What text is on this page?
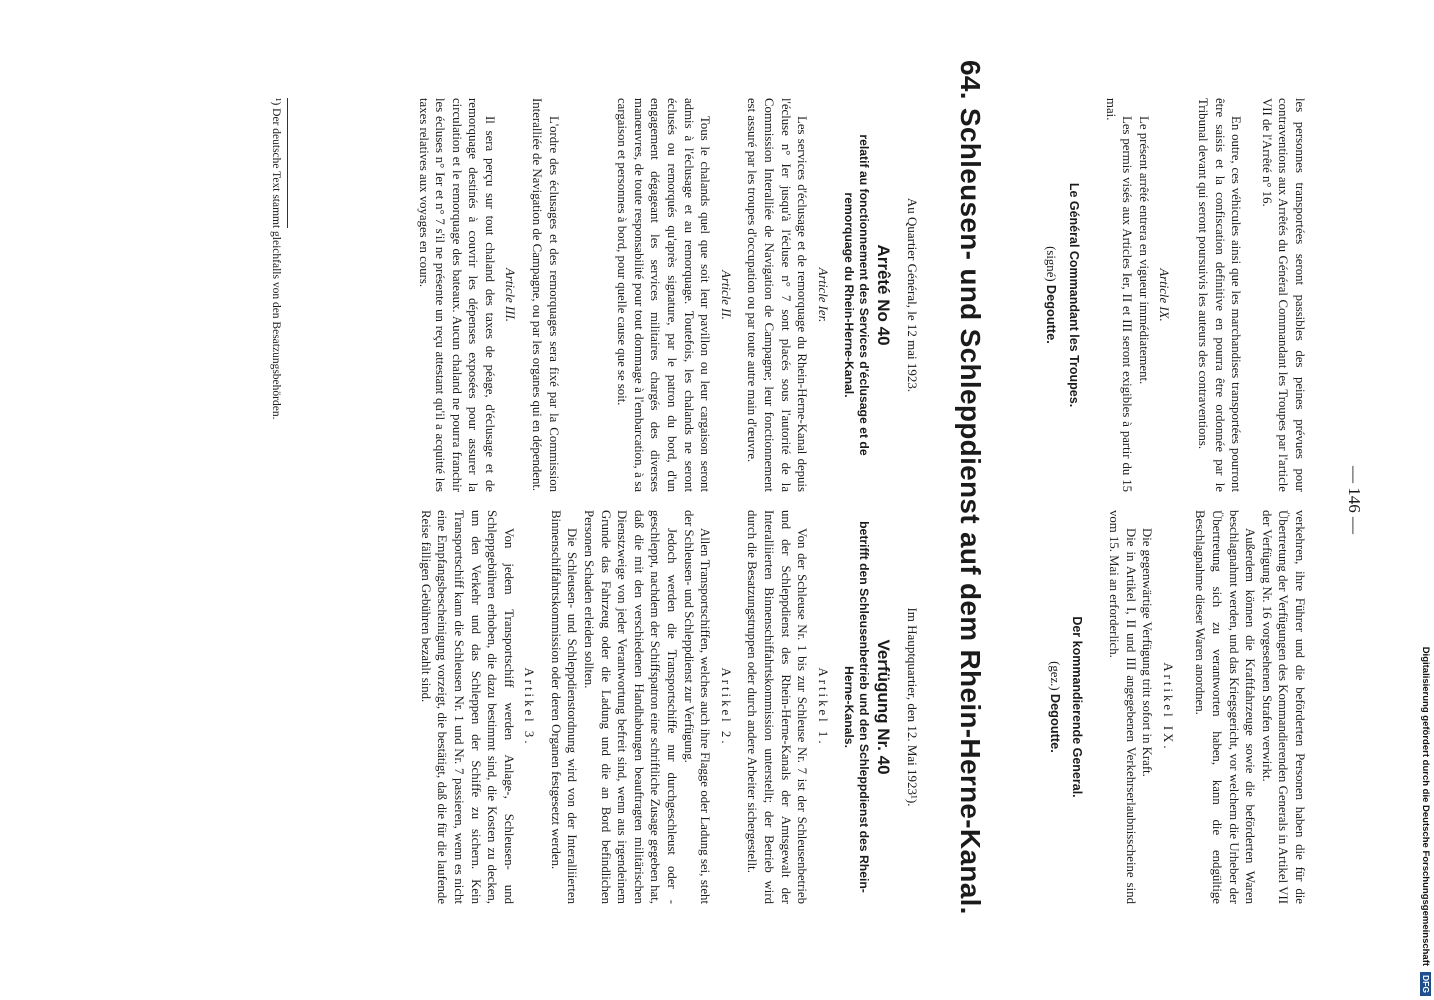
— 146 —

les personnes transportées seront passibles des peines prévues pour contraventions aux Arrêtés du Général Commandant les Troupes par l'article VII de l'Arrêté n° 16.

En outre, ces véhicules ainsi que les marchandises transportées pourront être saisis et la confiscation definitive en pourra être ordonnée par le Tribunal devant qui seront poursuivis les auteurs des contraventions.

Article IX.

Le présent arrêté entrera en vigueur immédiatement.

Les permis visés aux Articles Ier, II et III seront exigibles à partir du 15 mai.

Le Général Commandant les Troupes.
(signé) Degoutte.

verkehren, ihre Führer und die beförderten Personen haben die für die Übertretung der Verfügungen des Kommandierenden Generals in Artikel VII der Verfügung Nr. 16 vorgesehenen Strafen verwirkt.

Außerdem können die Kraftfahrzeuge sowie die beförderten Waren beschlagnahmt werden, und das Kriegsgericht, vor welchem die Urheber der Übertretung sich zu verantworten haben, kann die endgültige Beschlagnahme dieser Waren anordnen.

Artikel IX.

Die gegenwärtige Verfügung tritt sofort in Kraft.

Die in Artikel I, II und III angegebenen Verkehrserlaubnisscheine sind vom 15. Mai an erforderlich.

Der kommandierende General.
(gez.) Degoutte.
64. Schleusen- und Schleppdienst auf dem Rhein-Herne-Kanal.
Au Quartier Général, le 12 mai 1923.
Arrêté No 40
relatif au fonctionnement des Services d'éclusage et de remorquage du Rhein-Herne-Kanal.
Article Ier.

Les services d'éclusage et de remorquage du Rhein-Herne-Kanal depuis l'écluse n° Ier jusqu'à l'écluse n° 7 sont placés sous l'autorité de la Commission Interalliée de Navigation de Campagne; leur fonctionnement est assuré par les troupes d'occupation ou par toute autre main d'œuvre.

Article II.

Tous le chalands quel que soit leur pavillon ou leur cargaison seront admis à l'éclusage et au remorquage. Toutefois, les chalands ne seront éclusés ou remorqués qu'après signature, par le patron du bord, d'un engagement dégageant les services militaires chargés des diverses manœuvres, de toute responsabilité pour tout dommage à l'embarcation, à sa cargaison et personnes à bord, pour quelle cause que se soit.

L'ordre des éclusages et des remorquages sera fixé par la Commission Interalliée de Navigation de Campagne, ou par les organes qui en dépendent.

Article III.

Il sera perçu sur tout chaland des taxes de péage, d'éclusage et de remorquage destinés à couvrir les dépenses exposées pour assurer la circulation et le remorquage des bateaux. Aucun chaland ne pourra franchir les écluses n° Ier et n° 7 s'il ne présente un reçu attestant qu'il a acquitté les taxes relatives aux voyages en cours.

Im Hauptquartier, den 12. Mai 1923¹).
Verfügung Nr. 40
betrifft den Schleusenbetrieb und den Schleppdienst des Rhein-Herne-Kanals.
Artikel 1.

Von der Schleuse Nr. 1 bis zur Schleuse Nr. 7 ist der Schleusenbetrieb und der Schleppdienst des Rhein-Herne-Kanals der Amtsgewalt der Interalliierten Binnenschiffahrtskommission unterstellt; der Betrieb wird durch die Besatzungstruppen oder durch andere Arbeiter sichergestellt.

Artikel 2.

Allen Transportschiffen, welches auch ihre Flagge oder Ladung sei, steht der Schleusen- und Schleppdienst zur Verfügung.

Jedoch werden die Transportschiffe nur durchgeschleust oder -geschleppt, nachdem der Schiffspatron eine schriftliche Zusage gegeben hat, daß die mit den verschiedenen Handhabungen beauftragten militärischen Dienstzweige von jeder Verantwortung befreit sind, wenn aus irgendeinem Grunde das Fahrzeug oder die Ladung und die an Bord befindlichen Personen Schaden erleiden sollten.

Die Schleusen- und Schleppdienstordnung wird von der Interalliierten Binnenschiffahrtskommission oder deren Organen festgesetzt werden.

Artikel 3.

Von jedem Transportschiff werden Anlage-, Schleusen- und Schleppgebühren erhoben, die dazu bestimmt sind, die Kosten zu decken, um den Verkehr und das Schleppen der Schiffe zu sichern. Kein Transportschiff kann die Schleusen Nr. 1 und Nr. 7 passieren, wenn es nicht eine Empfangsbescheinigung vorzeigt, die bestätigt, daß die für die laufende Reise fälligen Gebühren bezahlt sind.

¹) Der deutsche Text stammt gleichfalls von den Besatzungsbehörden.
Digitalisierung gefördert durch die Deutsche Forschungsgemeinschaft
DFG
